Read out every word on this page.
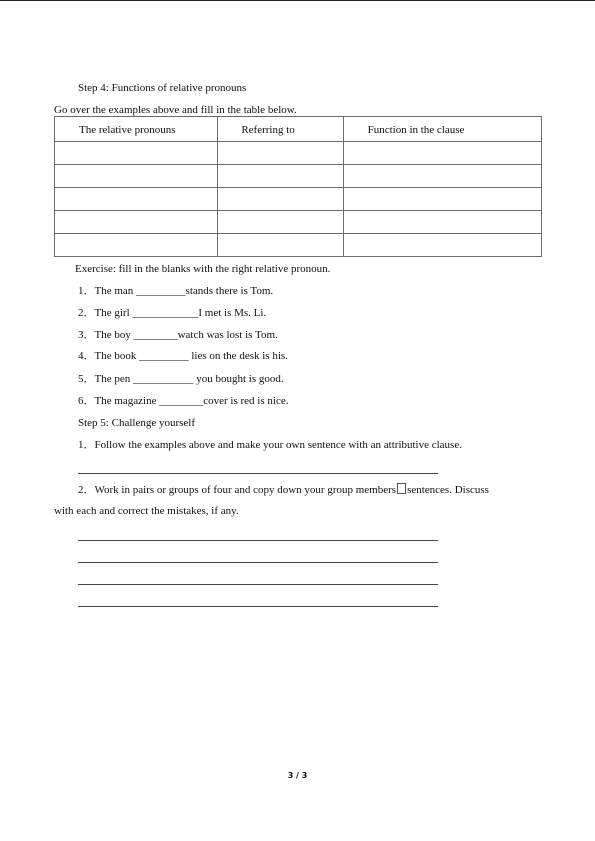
Step 4: Functions of relative pronouns
Go over the examples above and fill in the table below.
The relative pronouns	Referring to	Function in the clause

Exercise: fill in the blanks with the right relative pronoun.
1．The man _________stands there is Tom.
2．The girl ____________I met is Ms. Li.
3．The boy ________watch was lost is Tom.
4．The book _________ lies on the desk is his.
5．The pen ___________ you bought is good.
6．The magazine ________cover is red is nice.
Step 5: Challenge yourself
1．Follow the examples above and make your own sentence with an attributive clause.
2．Work in pairs or groups of four and copy down your group members sentences. Discuss
with each and correct the mistakes, if any.
3 / 3
